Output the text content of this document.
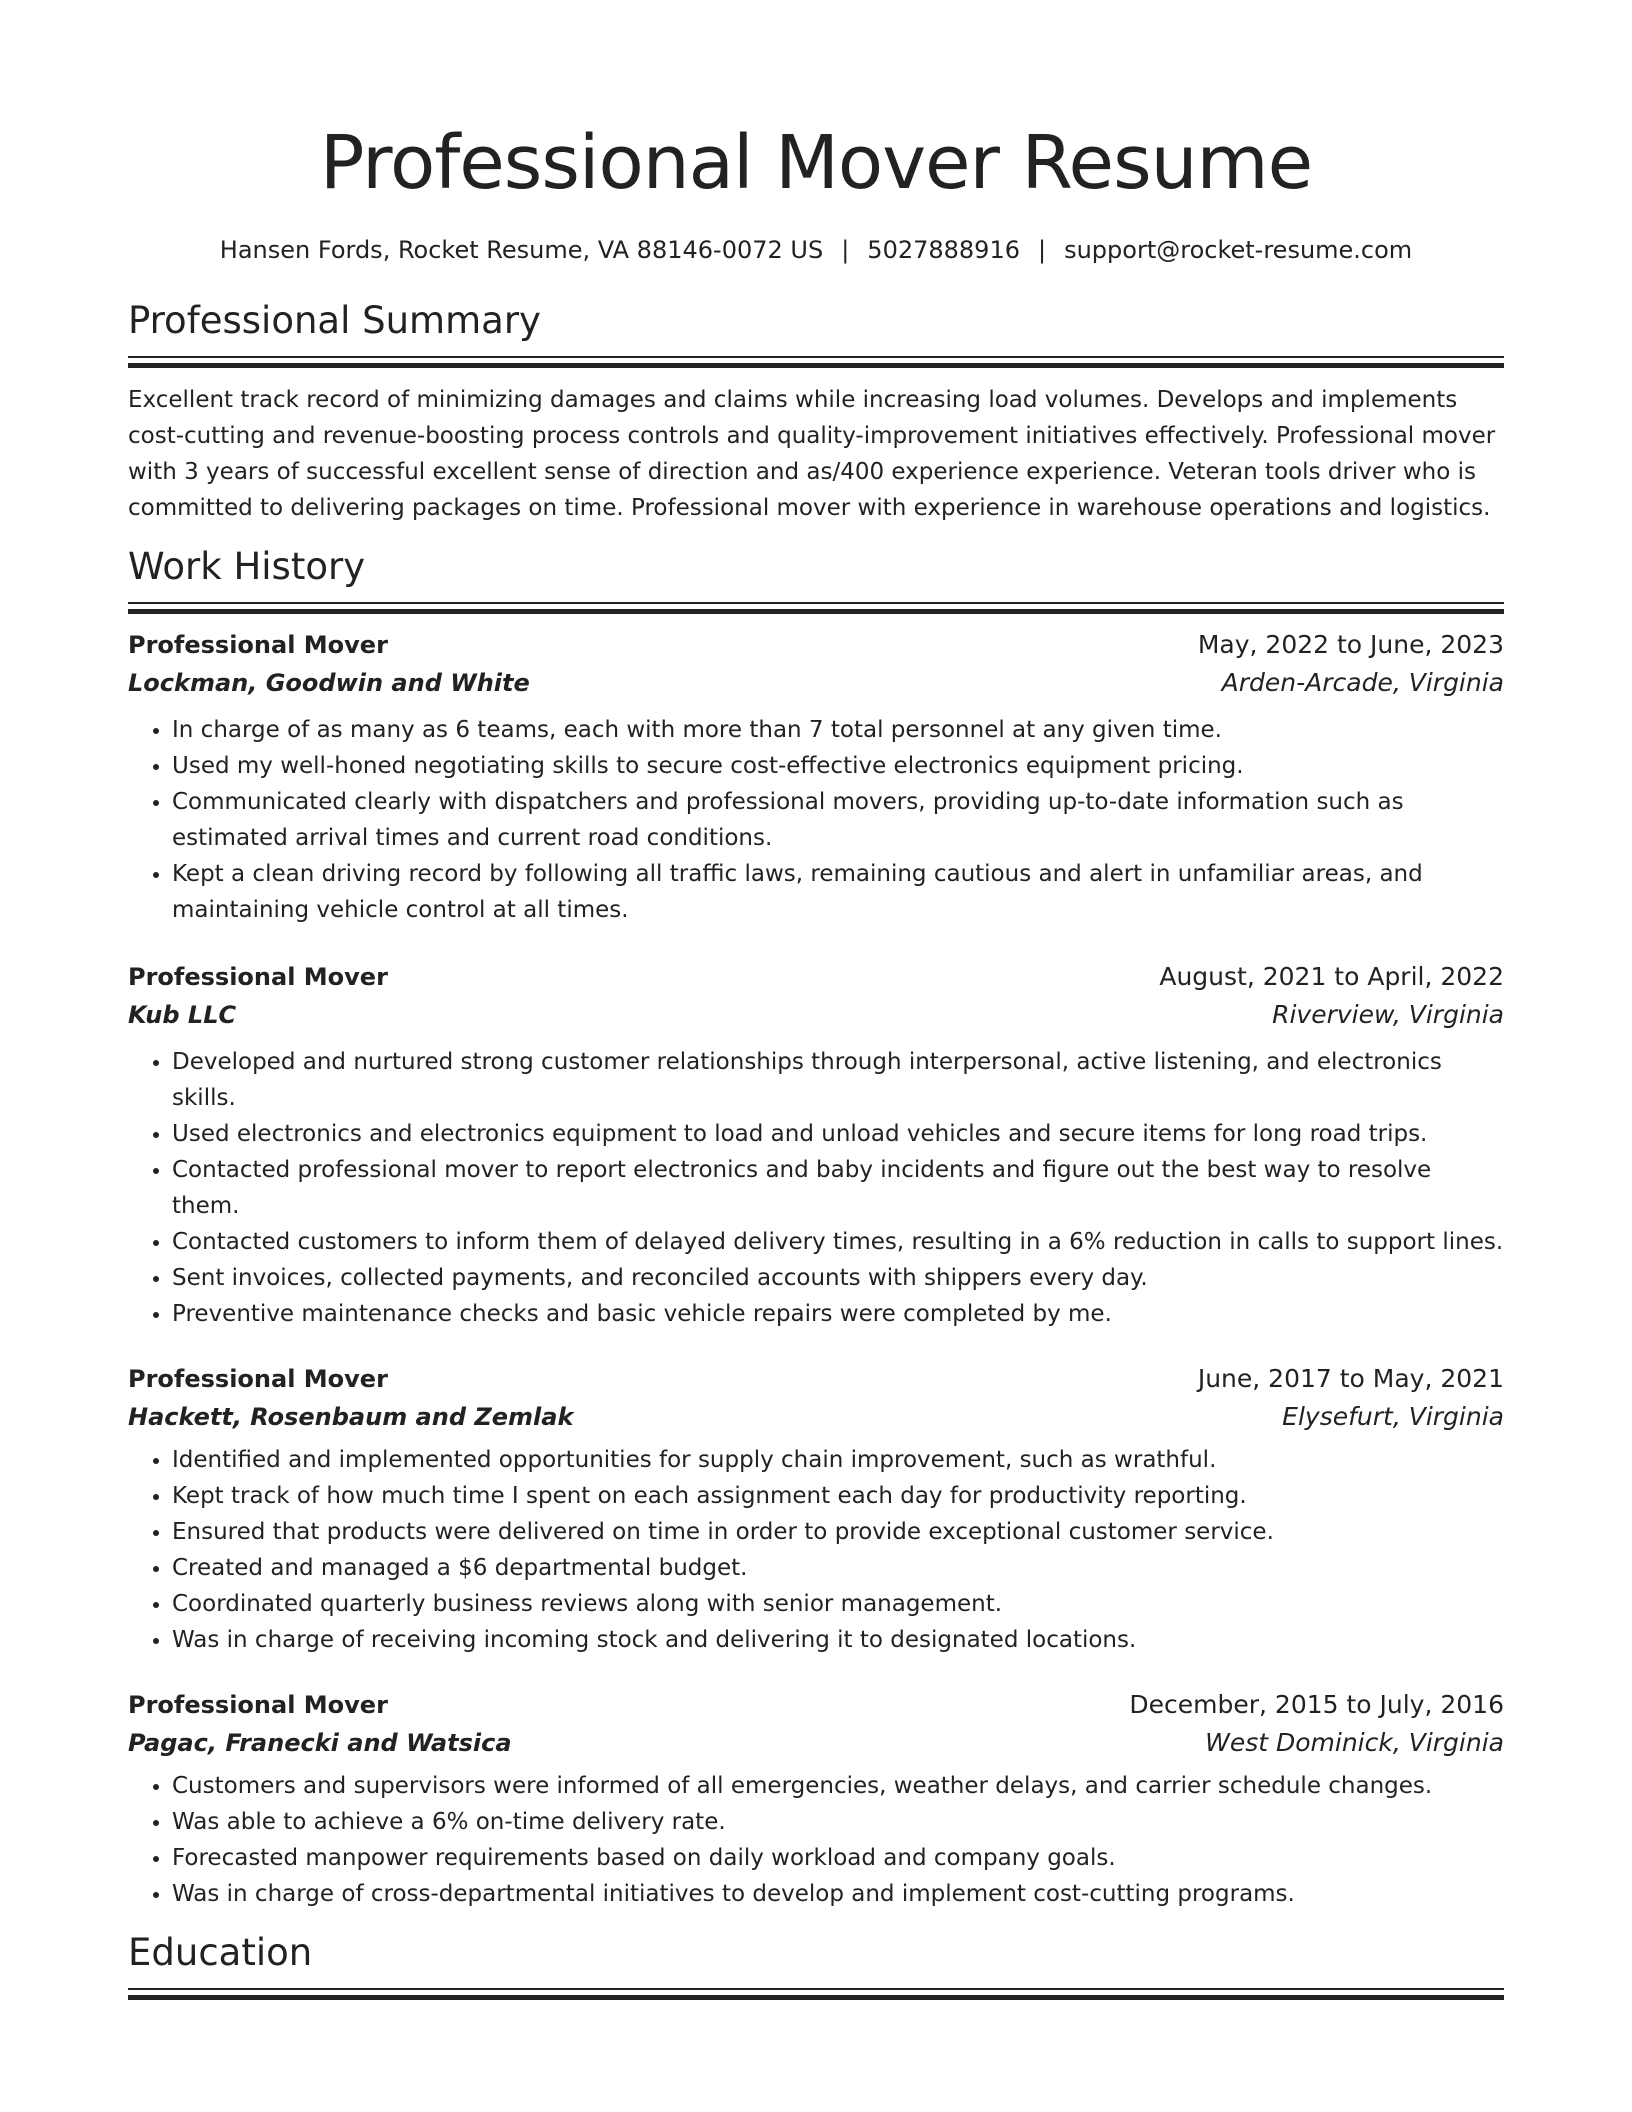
Professional Mover Resume
Hansen Fords, Rocket Resume, VA 88146-0072 US | 5027888916 | support@rocket-resume.com
Professional Summary

Excellent track record of minimizing damages and claims while increasing load volumes. Develops and implements cost-cutting and revenue-boosting process controls and quality-improvement initiatives effectively. Professional mover with 3 years of successful excellent sense of direction and as/400 experience experience. Veteran tools driver who is committed to delivering packages on time. Professional mover with experience in warehouse operations and logistics.

Work History
Professional Mover	May, 2022 to June, 2023
Lockman, Goodwin and White	Arden-Arcade, Virginia
• In charge of as many as 6 teams, each with more than 7 total personnel at any given time.
• Used my well-honed negotiating skills to secure cost-effective electronics equipment pricing.
• Communicated clearly with dispatchers and professional movers, providing up-to-date information such as estimated arrival times and current road conditions.
• Kept a clean driving record by following all traffic laws, remaining cautious and alert in unfamiliar areas, and maintaining vehicle control at all times.
Professional Mover	August, 2021 to April, 2022
Kub LLC	Riverview, Virginia
• Developed and nurtured strong customer relationships through interpersonal, active listening, and electronics skills.
• Used electronics and electronics equipment to load and unload vehicles and secure items for long road trips.
• Contacted professional mover to report electronics and baby incidents and figure out the best way to resolve them.
• Contacted customers to inform them of delayed delivery times, resulting in a 6% reduction in calls to support lines.
• Sent invoices, collected payments, and reconciled accounts with shippers every day.
• Preventive maintenance checks and basic vehicle repairs were completed by me.
Professional Mover	June, 2017 to May, 2021
Hackett, Rosenbaum and Zemlak	Elysefurt, Virginia
• Identified and implemented opportunities for supply chain improvement, such as wrathful.
• Kept track of how much time I spent on each assignment each day for productivity reporting.
• Ensured that products were delivered on time in order to provide exceptional customer service.
• Created and managed a $6 departmental budget.
• Coordinated quarterly business reviews along with senior management.
• Was in charge of receiving incoming stock and delivering it to designated locations.
Professional Mover	December, 2015 to July, 2016
Pagac, Franecki and Watsica	West Dominick, Virginia
• Customers and supervisors were informed of all emergencies, weather delays, and carrier schedule changes.
• Was able to achieve a 6% on-time delivery rate.
• Forecasted manpower requirements based on daily workload and company goals.
• Was in charge of cross-departmental initiatives to develop and implement cost-cutting programs.
Education
